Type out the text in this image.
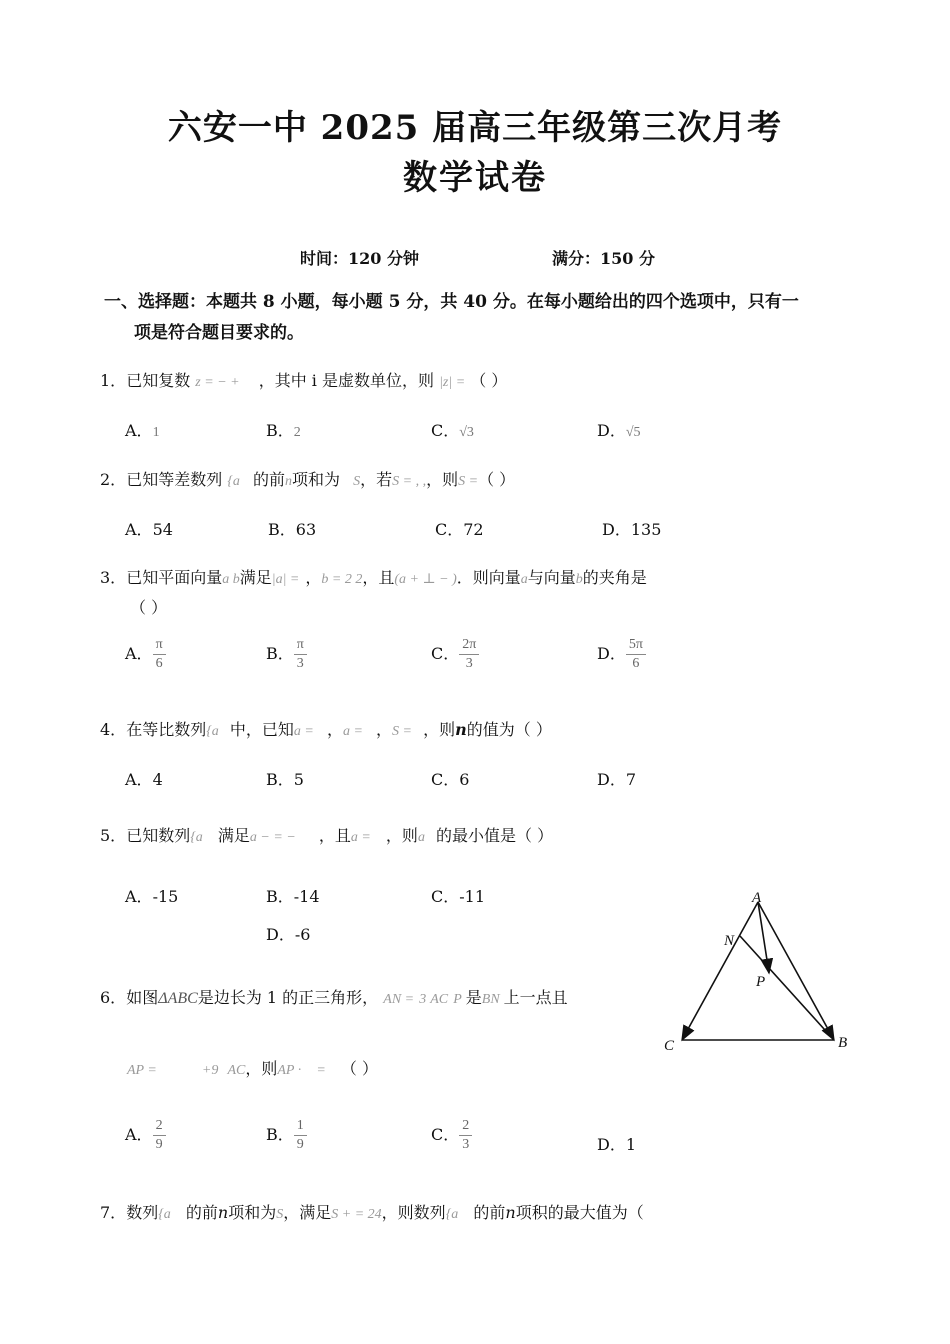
六安一中 2025 届高三年级第三次月考
数学试卷
时间：120 分钟	满分：150 分
一、选择题：本题共 8 小题，每小题 5 分，共 40 分。在每小题给出的四个选项中，只有一
项是符合题目要求的。
1．已知复数 z = − + ，其中 i 是虚数单位，则 |z| = （ ）
A．1	B．2	C．√3	D．√5
2．已知等差数列 {a 的前n项和为 S，若S = , ,，则S =（ ）
A．54	B．63	C．72	D．135
3．已知平面向量a b满足|a| = ，b = 2 2，且(a + ⊥ − )．则向量a与向量b的夹角是
（ ）
A． $\frac{\pi}{6}$	B． $\frac{\pi}{3}$	C． $\frac{2\pi}{3}$	D． $\frac{5\pi}{6}$
4．在等比数列{a 中，已知a = ，a = ，S = ，则n的值为（ ）
A．4	B．5	C．6	D．7
5．已知数列{a 满足a − = − ，且a = ，则a 的最小值是（ ）
A．-15	B．-14	C．-11
D．-6
6．如图ΔABC是边长为 1 的正三角形， AN = 3 AC P 是BN 上一点且
AP =	+9 AC，则AP · = （ ）
A． $\frac{2}{9}$	B． $\frac{1}{9}$	C． $\frac{2}{3}$	D．1
A
N
P
C	B
7．数列{a 的前n项和为S，满足S + = 24，则数列{a 的前n项积的最大值为（
